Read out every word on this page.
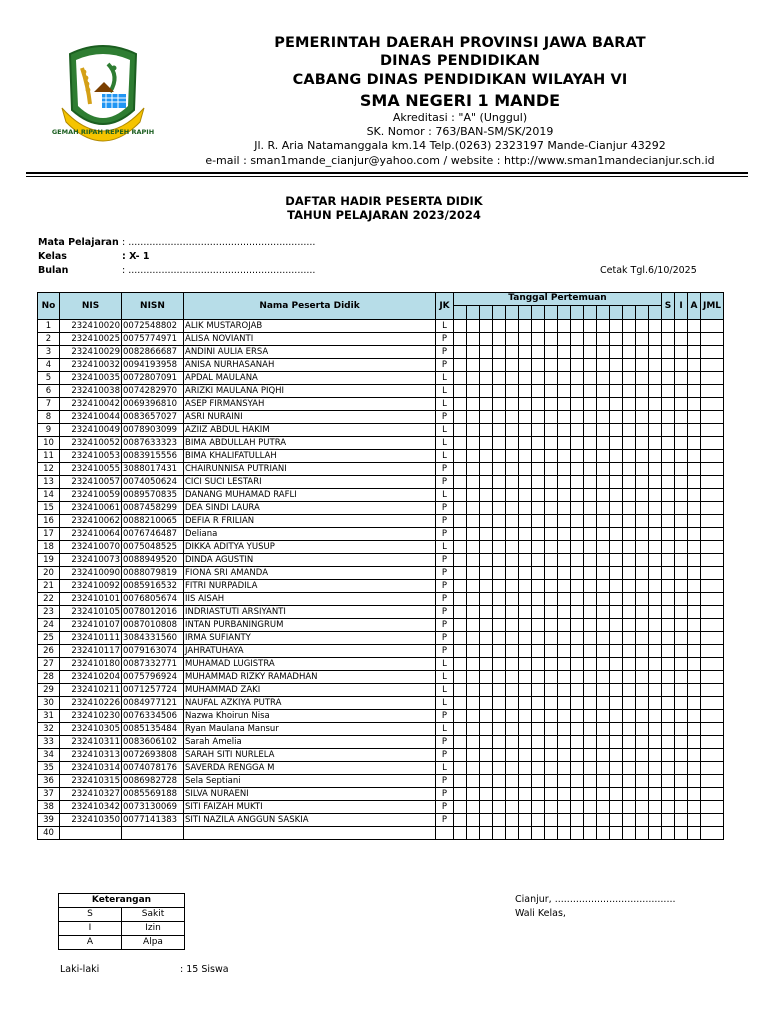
GEMAH RIPAH REPEH RAPIH
PEMERINTAH DAERAH PROVINSI JAWA BARAT
DINAS PENDIDIKAN
CABANG DINAS PENDIDIKAN WILAYAH VI
SMA NEGERI 1 MANDE
Akreditasi : "A" (Unggul)
SK. Nomor : 763/BAN-SM/SK/2019
Jl. R. Aria Natamanggala km.14 Telp.(0263) 2323197 Mande-Cianjur 43292
e-mail : sman1mande_cianjur@yahoo.com / website : http://www.sman1mandecianjur.sch.id
DAFTAR HADIR PESERTA DIDIK
TAHUN PELAJARAN 2023/2024
Mata Pelajaran : ..............................................................
Kelas	: X- 1
Bulan	: ..............................................................	Cetak Tgl.6/10/2025
No	NIS	NISN	Nama Peserta Didik	JK	Tanggal Pertemuan																S	I	A	JML

1	232410020	0072548802	ALIK MUSTAROJAB	L																				
2	232410025	0075774971	ALISA NOVIANTI	P																				
3	232410029	0082866687	ANDINI AULIA ERSA	P																				
4	232410032	0094193958	ANISA NURHASANAH	P																				
5	232410035	0072807091	APDAL MAULANA	L																				
6	232410038	0074282970	ARIZKI MAULANA PIQHI	L																				
7	232410042	0069396810	ASEP FIRMANSYAH	L																				
8	232410044	0083657027	ASRI NURAINI	P																				
9	232410049	0078903099	AZIIZ ABDUL HAKIM	L																				
10	232410052	0087633323	BIMA ABDULLAH PUTRA	L																				
11	232410053	0083915556	BIMA KHALIFATULLAH	L																				
12	232410055	3088017431	CHAIRUNNISA PUTRIANI	P																				
13	232410057	0074050624	CICI SUCI LESTARI	P																				
14	232410059	0089570835	DANANG MUHAMAD RAFLI	L																				
15	232410061	0087458299	DEA SINDI LAURA	P																				
16	232410062	0088210065	DEFIA R FRILIAN	P																				
17	232410064	0076746487	Deliana	P																				
18	232410070	0075048525	DIKKA ADITYA YUSUP	L																				
19	232410073	0088949520	DINDA AGUSTIN	P																				
20	232410090	0088079819	FIONA SRI AMANDA	P																				
21	232410092	0085916532	FITRI NURPADILA	P																				
22	232410101	0076805674	IIS AISAH	P																				
23	232410105	0078012016	INDRIASTUTI ARSIYANTI	P																				
24	232410107	0087010808	INTAN PURBANINGRUM	P																				
25	232410111	3084331560	IRMA SUFIANTY	P																				
26	232410117	0079163074	JAHRATUHAYA	P																				
27	232410180	0087332771	MUHAMAD LUGISTRA	L																				
28	232410204	0075796924	MUHAMMAD RIZKY RAMADHAN	L																				
29	232410211	0071257724	MUHAMMAD ZAKI	L																				
30	232410226	0084977121	NAUFAL AZKIYA PUTRA	L																				
31	232410230	0076334506	Nazwa Khoirun Nisa	P																				
32	232410305	0085135484	Ryan Maulana Mansur	L																				
33	232410311	0083606102	Sarah Amelia	P																				
34	232410313	0072693808	SARAH SITI NURLELA	P																				
35	232410314	0074078176	SAVERDA RENGGA M	L																				
36	232410315	0086982728	Sela Septiani	P																				
37	232410327	0085569188	SILVA NURAENI	P																				
38	232410342	0073130069	SITI FAIZAH MUKTI	P																				
39	232410350	0077141383	SITI NAZILA ANGGUN SASKIA	P																				
40																								
Keterangan	
S	Sakit
I	Izin
A	Alpa
Cianjur, ........................................
Wali Kelas,
Laki-laki	: 15 Siswa
